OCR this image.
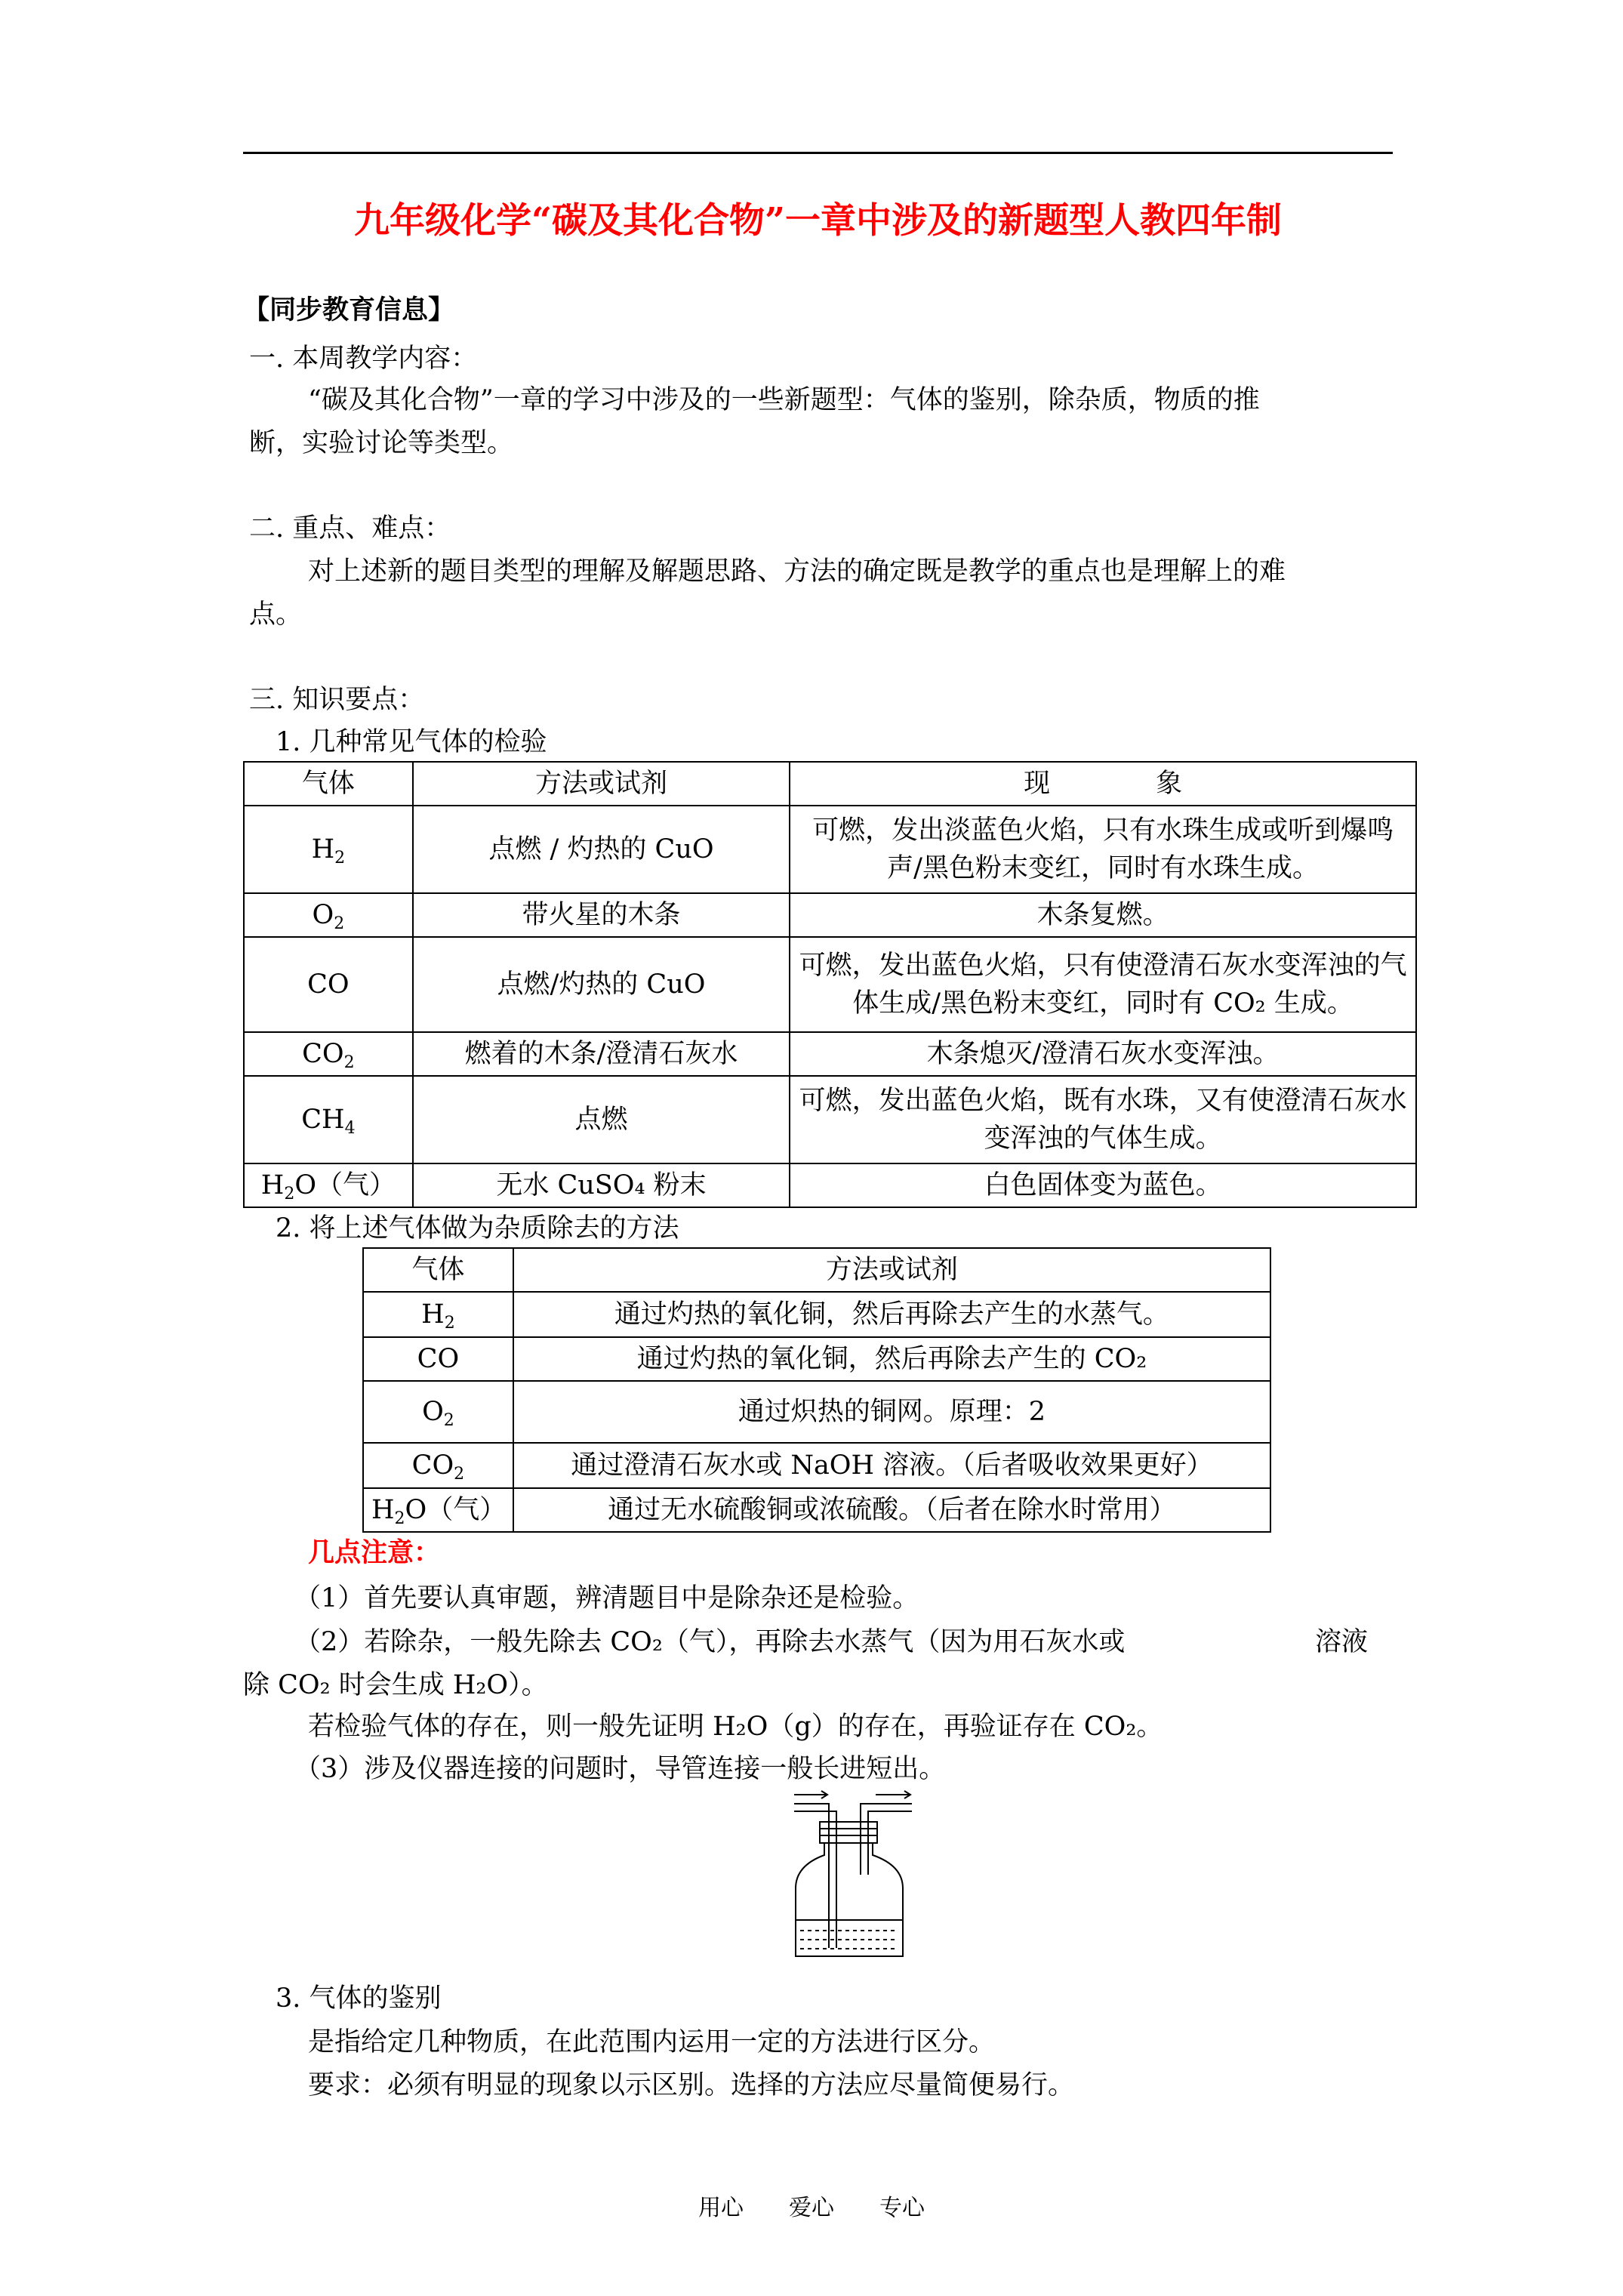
九年级化学“碳及其化合物”一章中涉及的新题型人教四年制
【同步教育信息】
一. 本周教学内容：
“碳及其化合物”一章的学习中涉及的一些新题型：气体的鉴别，除杂质，物质的推
断，实验讨论等类型。
二. 重点、难点：
对上述新的题目类型的理解及解题思路、方法的确定既是教学的重点也是理解上的难
点。
三. 知识要点：
1. 几种常见气体的检验
气体	方法或试剂	现　　　　象
$H_2$	点燃 / 灼热的 CuO	可燃，发出淡蓝色火焰，只有水珠生成或听到爆鸣声/黑色粉末变红，同时有水珠生成。
$O_2$	带火星的木条	木条复燃。
CO	点燃/灼热的 CuO	可燃，发出蓝色火焰，只有使澄清石灰水变浑浊的气体生成/黑色粉末变红，同时有 CO₂ 生成。
$CO_2$	燃着的木条/澄清石灰水	木条熄灭/澄清石灰水变浑浊。
$CH_4$	点燃	可燃，发出蓝色火焰，既有水珠，又有使澄清石灰水变浑浊的气体生成。
$H_2O$（气）	无水 CuSO₄ 粉末	白色固体变为蓝色。
2. 将上述气体做为杂质除去的方法
气体	方法或试剂
$H_2$	通过灼热的氧化铜，然后再除去产生的水蒸气。
CO	通过灼热的氧化铜，然后再除去产生的 CO₂
$O_2$	通过炽热的铜网。原理：2
$CO_2$	通过澄清石灰水或 NaOH 溶液。（后者吸收效果更好）
$H_2O$（气）	通过无水硫酸铜或浓硫酸。（后者在除水时常用）
几点注意：
（1）首先要认真审题，辨清题目中是除杂还是检验。
（2）若除杂，一般先除去 CO₂（气），再除去水蒸气（因为用石灰水或	溶液
除 CO₂ 时会生成 H₂O）。
若检验气体的存在，则一般先证明 H₂O（g）的存在，再验证存在 CO₂。
（3）涉及仪器连接的问题时，导管连接一般长进短出。
3. 气体的鉴别
是指给定几种物质，在此范围内运用一定的方法进行区分。
要求：必须有明显的现象以示区别。选择的方法应尽量简便易行。
用心　　爱心　　专心
